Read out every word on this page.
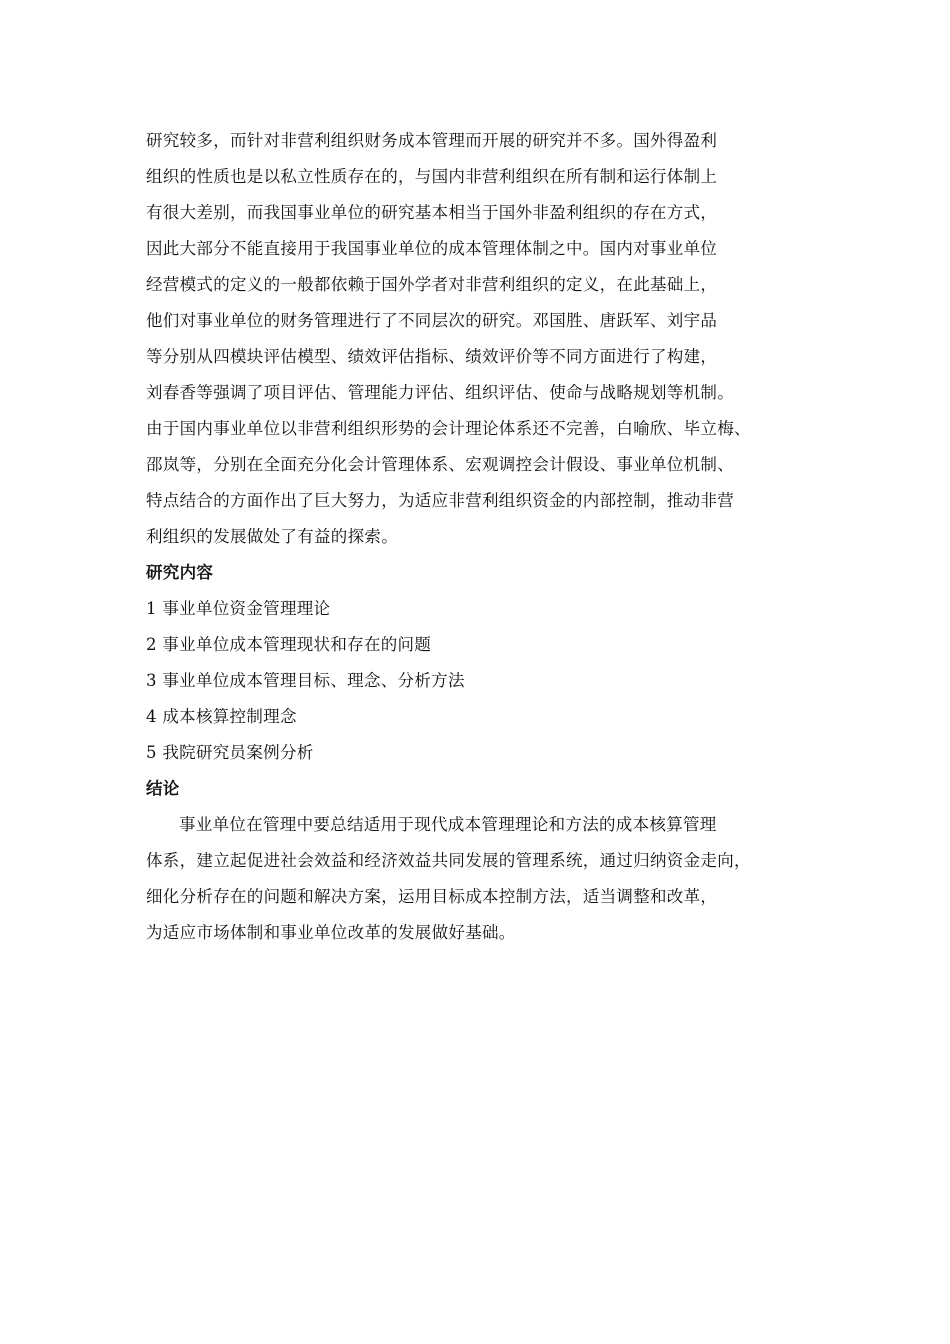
研究较多，而针对非营利组织财务成本管理而开展的研究并不多。国外得盈利
组织的性质也是以私立性质存在的，与国内非营利组织在所有制和运行体制上
有很大差别，而我国事业单位的研究基本相当于国外非盈利组织的存在方式，
因此大部分不能直接用于我国事业单位的成本管理体制之中。国内对事业单位
经营模式的定义的一般都依赖于国外学者对非营利组织的定义，在此基础上，
他们对事业单位的财务管理进行了不同层次的研究。邓国胜、唐跃军、刘宇品
等分别从四模块评估模型、绩效评估指标、绩效评价等不同方面进行了构建，
刘春香等强调了项目评估、管理能力评估、组织评估、使命与战略规划等机制。
由于国内事业单位以非营利组织形势的会计理论体系还不完善，白喻欣、毕立梅、
邵岚等，分别在全面充分化会计管理体系、宏观调控会计假设、事业单位机制、
特点结合的方面作出了巨大努力，为适应非营利组织资金的内部控制，推动非营
利组织的发展做处了有益的探索。
研究内容
1 事业单位资金管理理论
2 事业单位成本管理现状和存在的问题
3 事业单位成本管理目标、理念、分析方法
4 成本核算控制理念
5 我院研究员案例分析
结论
事业单位在管理中要总结适用于现代成本管理理论和方法的成本核算管理
体系，建立起促进社会效益和经济效益共同发展的管理系统，通过归纳资金走向，
细化分析存在的问题和解决方案，运用目标成本控制方法，适当调整和改革，
为适应市场体制和事业单位改革的发展做好基础。
